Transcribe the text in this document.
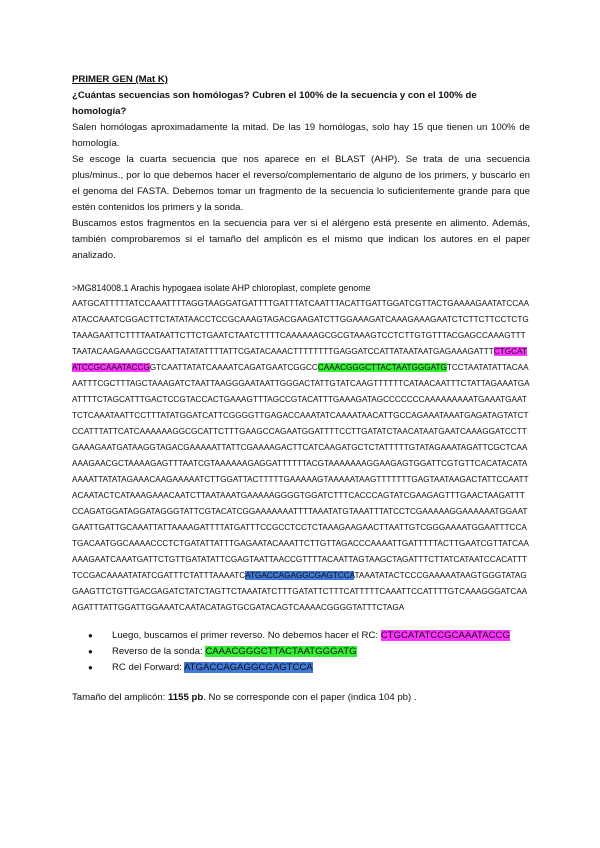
PRIMER GEN (Mat K)
¿Cuántas secuencias son homólogas? Cubren el 100% de la secuencia y con el 100% de homología?
Salen homólogas aproximadamente la mitad. De las 19 homólogas, solo hay 15 que tienen un 100% de homología.
Se escoge la cuarta secuencia que nos aparece en el BLAST (AHP). Se trata de una secuencia plus/minus., por lo que debemos hacer el reverso/complementario de alguno de los primers, y buscarlo en el genoma del FASTA. Debemos tomar un fragmento de la secuencia lo suficientemente grande para que estén contenidos los primers y la sonda.
Buscamos estos fragmentos en la secuencia para ver si el alérgeno está presente en alimento. Además, también comprobaremos si el tamaño del amplicón es el mismo que indican los autores en el paper analizado.
>MG814008.1 Arachis hypogaea isolate AHP chloroplast, complete genome
AATGCATTTTTATCCAAATTTTAGGTAAGGATGATTTTGATTTATCAATTTACATTGATTGGATCGTTACTGAAAAGAATATCCAAATACCAAATCGGACTTCTATATAACCTCCGCAAAGTAGACGAAGATCTTGGAAAGATCAAAGAAAGAATCTCTTCTTCCTCTGTAAAGAATTCTTTTAATAATTCTTCTGAATCTAATCTTTTCAAAAAAGCGCGTAAAGTCCTCTTGTGTTTACGAGCCAAAGTTTTAATACAAGAAAGCCGAATTATATATTTTATTCGATACAAACTTTTTTTTGAGGATCCATTATAATAATGAGAAAGATTTCTGCATATCCGCAAATACCGGTCAATTATATCAAAATCAGATGAATCGGCCCAAACGGGCTTACTAATGGGATGTCCTAATATATTACAAAATTTCGCTTTAGCTAAAGATCTAATTAAGGGAATAATTGGGACTATTGTATCAAGTTTTTTCATAACAATTTCTATTAGAAATGAATTTTCTAGCATTTGACTCCGTACCACTGAAAGTTTAGCCGTACATTTGAAAGATAGCCCCCCCAAAAAAAAATGAAATGAATTCTCAAATAATTCCTTTATATGGATCATTCGGGGTTGAGACCAAATATCAAAATAACATTGCCAGAAATAAATGAGATAGTATCTCCATTTATTCATCAAAAAAGGCGCATTCTTTGAAGCCAGAATGGATTTTCCTTGATATCTAACATAATGAATCAAAGGATCCTTGAAAGAATGATAAGGTAGACGAAAAATTATTCGAAAAGACTTCATCAAGATGCTCTATTTTTGTATAGAAATAGATTCGCTCAAAAAGAACGCTAAAAGAGTTTAATCGTAAAAAAGAGGATTTTTTACGTAAAAAAAGGAAGAGTGGATTCGTGTTCACATACATAAAAATTATATAGAAACAAGAAAAATCTTGGATTACTTTTTGAAAAAGTAAAAATAAGTTTTTTTGAGTAATAAGACTATTCCAATTACAATACTCATAAAGAAACAATCTTAATAAATGAAAAAGGGGTGGATCTTTCACCCAGTATCGAAGAGTTTGAACTAAGATTTCCAGATGGATAGGATAGGGTATTCGTACATCGGAAAAAAATTTTAAATATGTAAATTTATCCTCGAAAAAGGAAAAAATGGAATGAATTGATTGCAAATTATTAAAAGATTTTATGATTTCCGCCTCCTCTAAAGAAGAACTTAATTGTCGGGAAAATGGAATTTCCATGACAATGGCAAAACCCTCTGATATTATTTGAGAATACAAATTCTTGTTAGACCCAAAATTGATTTTTACTTGAATCGTTATCAAAAAGAATCAAATGATTCTGTTGATATATTCGAGTAATTAACCGTTTTACAATTAGTAAGCTAGATTTCTTATCATAATCCACATTTTCCGACAAAATATATCGATTTCTATTTAAAATCATGACCAGAGGCGAGTCCATAAATATACTCCCGAAAAATAAGTGGGTATAGGAAGTTCTGTTGACGAGATCTATCTAGTTCTAAATATCTTTGATATTCTTTCATTTTTCAAATTCCATTTTGTCAAAGGGATCAAAGATTTATTGGATTGGAAATCAATACATAGTGCGATACAGTCAAAACGGGGTATTTCTAGA
● Luego, buscamos el primer reverso. No debemos hacer el RC: CTGCATATCCGCAAATACCG
● Reverso de la sonda: CAAACGGGCTTACTAATGGGATG
● RC del Forward: ATGACCAGAGGCGAGTCCA
Tamaño del amplicón: 1155 pb. No se corresponde con el paper (indica 104 pb) .
